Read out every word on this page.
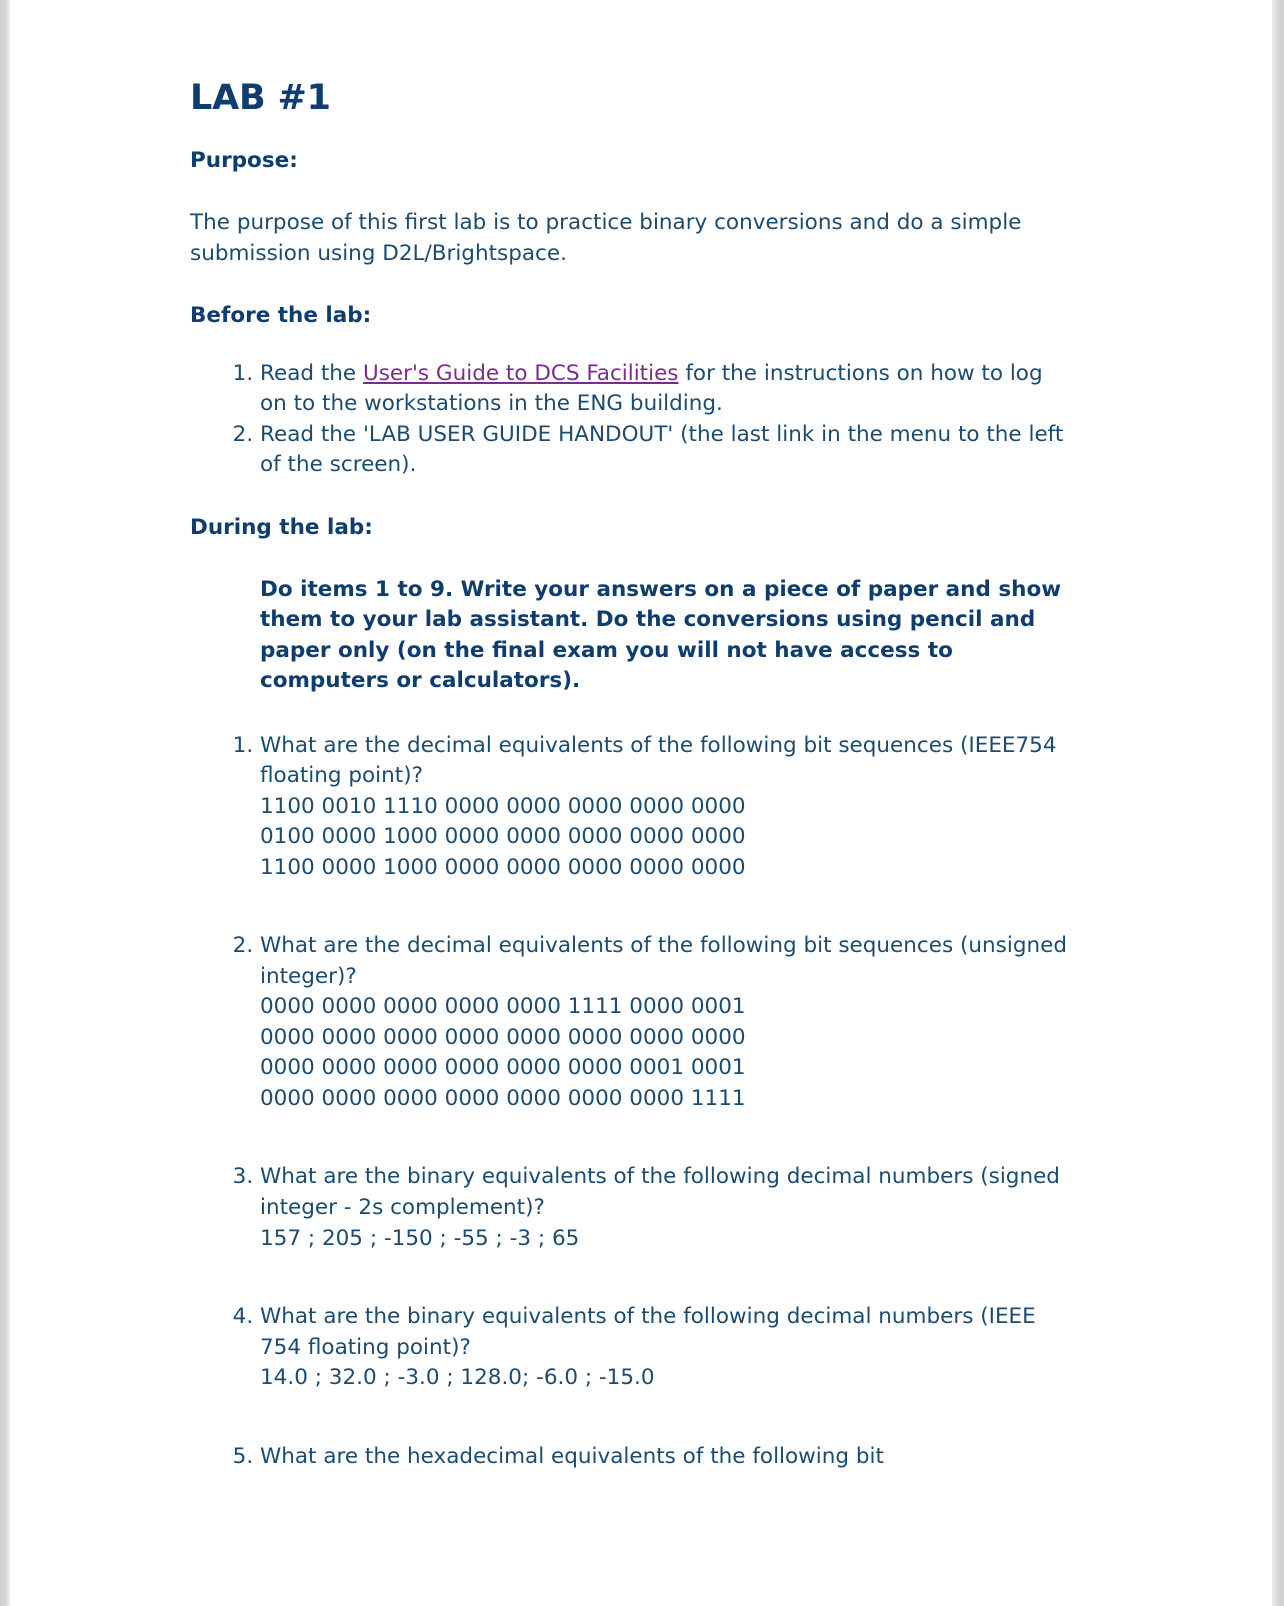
LAB #1
Purpose:

The purpose of this first lab is to practice binary conversions and do a simple submission using D2L/Brightspace.

Before the lab:
1. Read the User's Guide to DCS Facilities for the instructions on how to log on to the workstations in the ENG building.
2. Read the 'LAB USER GUIDE HANDOUT' (the last link in the menu to the left of the screen).
During the lab:

Do items 1 to 9. Write your answers on a piece of paper and show them to your lab assistant. Do the conversions using pencil and paper only (on the final exam you will not have access to computers or calculators).

1. What are the decimal equivalents of the following bit sequences (IEEE754 floating point)?
1100 0010 1110 0000 0000 0000 0000 0000
0100 0000 1000 0000 0000 0000 0000 0000
1100 0000 1000 0000 0000 0000 0000 0000
2. What are the decimal equivalents of the following bit sequences (unsigned integer)?
0000 0000 0000 0000 0000 1111 0000 0001
0000 0000 0000 0000 0000 0000 0000 0000
0000 0000 0000 0000 0000 0000 0001 0001
0000 0000 0000 0000 0000 0000 0000 1111
3. What are the binary equivalents of the following decimal numbers (signed integer - 2s complement)?
157 ; 205 ; -150 ; -55 ; -3 ; 65
4. What are the binary equivalents of the following decimal numbers (IEEE 754 floating point)?
14.0 ; 32.0 ; -3.0 ; 128.0; -6.0 ; -15.0
5. What are the hexadecimal equivalents of the following bit
